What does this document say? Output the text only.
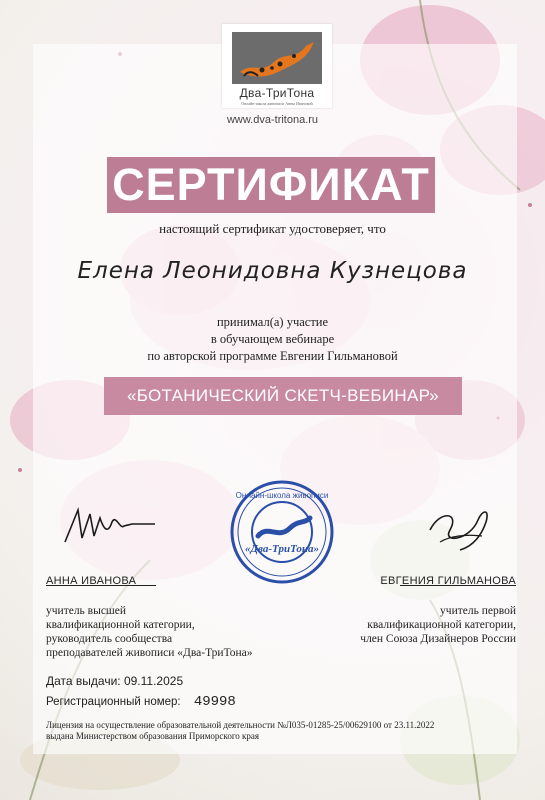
Два-ТриТона
Онлайн-школа живописи Анны Ивановой
www.dva-tritona.ru
СЕРТИФИКАТ
настоящий сертификат удостоверяет, что
Елена Леонидовна Кузнецова
принимал(а) участие
в обучающем вебинаре
по авторской программе Евгении Гильмановой
«БОТАНИЧЕСКИЙ СКЕТЧ-ВЕБИНАР»
Онлайн-школа живописи
«Два-ТриТона»
АННА ИВАНОВА	ЕВГЕНИЯ ГИЛЬМАНОВА
учитель высшей
квалификационной категории,
руководитель сообщества
преподавателей живописи «Два-ТриТона»
учитель первой
квалификационной категории,
член Союза Дизайнеров России
Дата выдачи: 09.11.2025
Регистрационный номер: 49998
Лицензия на осуществление образовательной деятельности №Л035-01285-25/00629100 от 23.11.2022
выдана Министерством образования Приморского края
